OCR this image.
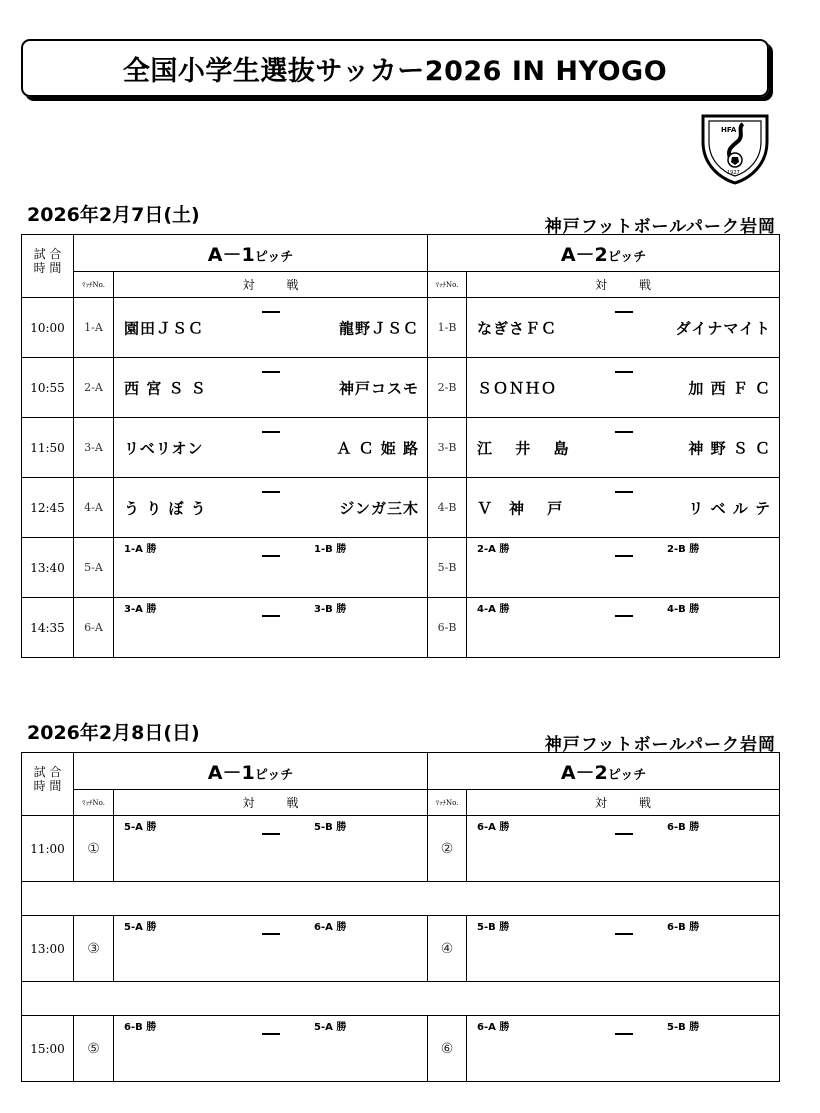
全国小学生選抜サッカー2026 IN HYOGO
HFA
1927
2026年2月7日(土)
神戸フットボールパーク岩岡
試 合
時 間	A－1ピッチ		A－2ピッチ	
	ﾏｯﾁNo.	対 戦	ﾏｯﾁNo.	対 戦
10:00	1-A	園田ＪＳＣ 龍野ＪＳＣ	1-B	なぎさＦＣ ダイナマイト

10:55	2-A	西 宮 Ｓ Ｓ 神戸コスモ	2-B	ＳＯＮＨＯ 加 西 Ｆ Ｃ

11:50	3-A	リベリオン Ａ Ｃ 姫 路	3-B	江　 井 　島 神 野 Ｓ Ｃ

12:45	4-A	う り ぼ う ジンガ三木	4-B	Ｖ　神　 戸 リ ベ ル テ

13:40	5-A	1-A 勝 1-B 勝	5-B	2-A 勝 2-B 勝

14:35	6-A	3-A 勝 3-B 勝	6-B	4-A 勝 4-B 勝
2026年2月8日(日)
神戸フットボールパーク岩岡
試 合
時 間	A－1ピッチ		A－2ピッチ	
	ﾏｯﾁNo.	対 戦	ﾏｯﾁNo.	対 戦
11:00	①	5-A 勝 5-B 勝	②	6-A 勝 6-B 勝

13:00	③	5-A 勝 6-A 勝	④	5-B 勝 6-B 勝

15:00	⑤	6-B 勝 5-A 勝	⑥	6-A 勝 5-B 勝
